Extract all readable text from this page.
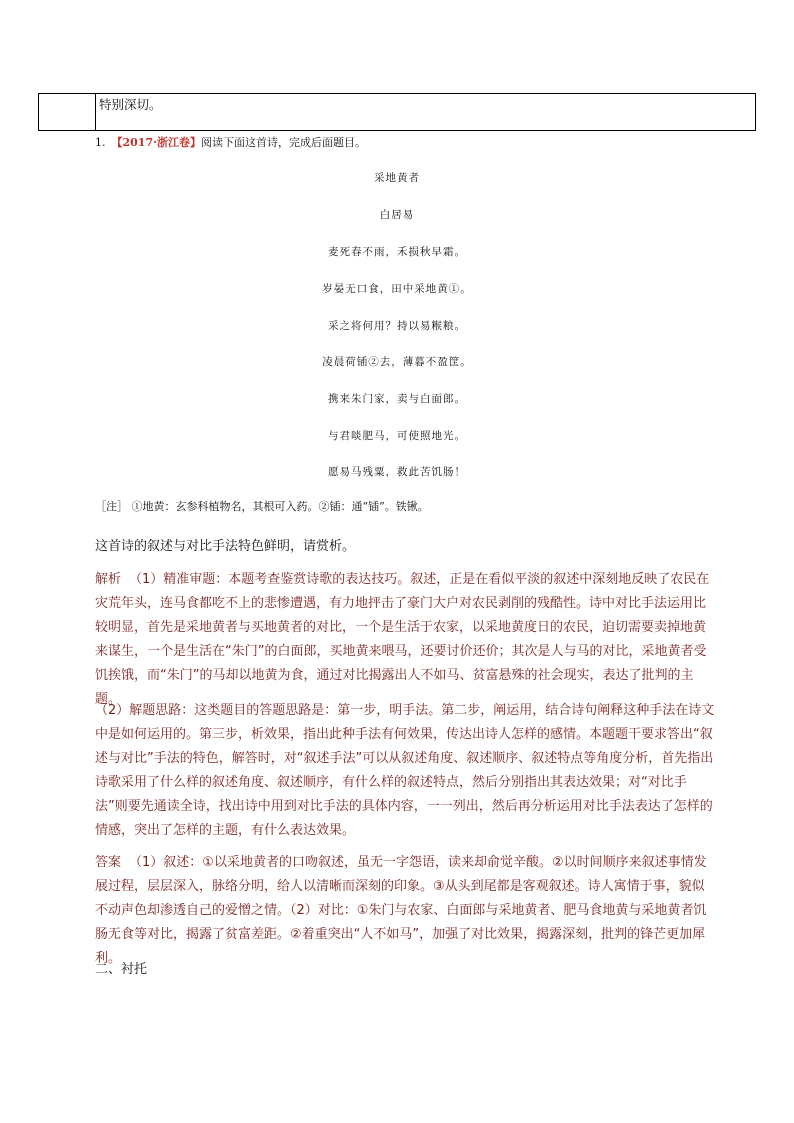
特别深切。
1. 【2017·浙江卷】阅读下面这首诗，完成后面题目。
采地黄者
白居易
麦死春不雨，禾损秋早霜。
岁晏无口食，田中采地黄①。
采之将何用？持以易糇粮。
凌晨荷锸②去，薄暮不盈筐。
携来朱门家，卖与白面郎。
与君啖肥马，可使照地光。
愿易马残粟，救此苦饥肠！
［注］ ①地黄：玄参科植物名，其根可入药。②锸：通“锸”。铁锹。
这首诗的叙述与对比手法特色鲜明，请赏析。
解析 （1）精准审题：本题考查鉴赏诗歌的表达技巧。叙述，正是在看似平淡的叙述中深刻地反映了农民在灾荒年头，连马食都吃不上的悲惨遭遇，有力地抨击了豪门大户对农民剥削的残酷性。诗中对比手法运用比较明显，首先是采地黄者与买地黄者的对比，一个是生活于农家，以采地黄度日的农民，迫切需要卖掉地黄来谋生，一个是生活在“朱门”的白面郎，买地黄来喂马，还要讨价还价；其次是人与马的对比，采地黄者受饥挨饿，而“朱门”的马却以地黄为食，通过对比揭露出人不如马、贫富悬殊的社会现实，表达了批判的主题。
（2）解题思路：这类题目的答题思路是：第一步，明手法。第二步，阐运用，结合诗句阐释这种手法在诗文中是如何运用的。第三步，析效果，指出此种手法有何效果，传达出诗人怎样的感情。本题题干要求答出“叙述与对比”手法的特色，解答时，对“叙述手法”可以从叙述角度、叙述顺序、叙述特点等角度分析，首先指出诗歌采用了什么样的叙述角度、叙述顺序，有什么样的叙述特点，然后分别指出其表达效果；对“对比手法”则要先通读全诗，找出诗中用到对比手法的具体内容，一一列出，然后再分析运用对比手法表达了怎样的情感，突出了怎样的主题，有什么表达效果。
答案 （1）叙述：①以采地黄者的口吻叙述，虽无一字怨语，读来却俞觉辛酸。②以时间顺序来叙述事情发展过程，层层深入，脉络分明，给人以清晰而深刻的印象。③从头到尾都是客观叙述。诗人寓情于事，貌似不动声色却渗透自己的爱憎之情。（2）对比：①朱门与农家、白面郎与采地黄者、肥马食地黄与采地黄者饥肠无食等对比，揭露了贫富差距。②着重突出“人不如马”，加强了对比效果，揭露深刻，批判的锋芒更加犀利。
二、衬托
